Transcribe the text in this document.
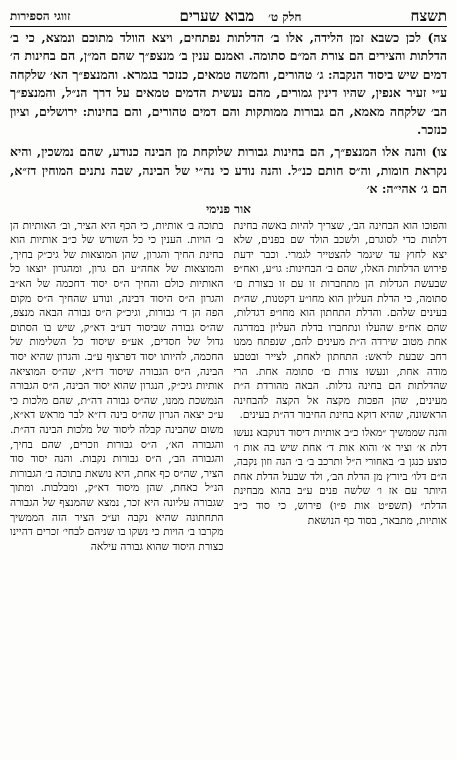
תשצח
חלק ט׳
מבוא שערים
זווגי הספירות

צה) לכן כשבא זמן הלידה, אלו ב׳ הדלתות נפתחים, ויצא הוולד מתוכם ונמצא, כי ב׳ הדלתות והצירים הם צורת המ״ם סתומה. ואמנם ענין ב׳ מנצפ״ך שהם המ״ן, הם בחינות ה׳ דמים שיש ביסוד הנקבה: ג׳ טהורים, וחמשה טמאים, כנזכר בגמרא. והמנצפ״ך הא׳ שלקחה ע״י זעיר אנפין, שהיו דינין גמורים, מהם נעשית הדמים טמאים על דרך הנ״ל, והמנצפ״ך הב׳ שלקחה מאמא, הם גבורות ממותקות והם דמים טהורים, והם בחינות: ירושלים, וציון כנזכר.

צו) והנה אלו המנצפ״ך, הם בחינות גבורות שלוקחת מן הבינה כנודע, שהם נמשכין, והיא נקראת חומות, וה״ס חותם כנ״ל. והנה נודע כי נה״י של הבינה, שבה נתנים המוחין דז״א, הם ג׳ אהי״ה: א׳

אור פנימי

והפוכו הוא הבחינה הב׳, שצריך להיות באשה בחינת דלתות כדי לסוגרם, ולשכב הולד שם בפנים, שלא יצא לחוץ עד שיגמר להצטייר לגמרי. וכבר ידעת פירוש הדלתות האלו, שהם ב׳ הבחינות: גו״ע, ואח״פ שבעשת הגדלות הן מתחברות זו עם זו בצורת ם׳ סתומה, כי הדלת העליון הוא מחו״ע דקטנות, שה״ת בעינים שלהם. והדלת התחתון הוא מחו״פ דגדלות, שהם אח״פ שהעלו ונתחברו בדלת העליון במדרגה אחת מטוב שירדה ה״ת מעינים להם, שנפתח ממנו רחב שבעת לראש: התחתון לאחת, לצייר ובטבע מודה אחת, ונעשו צורת ם׳ סתומה אחת. הרי שהדלתות הם בחינה גדלות. הבאה מהורדת ה״ת מעינים, שהן הפכות מקצה אל הקצה להבחינה הראשונה, שהיא דוקא בחינת החיבור דה״ת בעינים.

והנה שממשיך ״מאלו כ״ב אותיות דיסוד דנוקבא נעשו דלת א׳ וציר א׳ והוא אות ד׳ אחת שיש בה אות ו׳ כוצע כנגן ב׳ באחורי ה״ל ותרכב ב׳ ב׳ הנה וזון נקבה, ה״ם דלו׳ ביורץ מן הדלת הב׳, ולד שבעל הדלת אחת היותר עם אז ו׳ שלשה פנים ע״ב בהוא מבחינת הדלת״ (תשפ״ט אות פ״ו) פירוש, כי סוד כ״ב אותיות, מתבאר, בסוד כף הנושאת

בתוכה ב׳ אותיות, כי הכף היא הציר, וב׳ האותיות הן ב׳ הויות. הענין כי כל השורש של כ״ב אותיות הוא בחינת החיך והגרון, שהן המוצאות של גיכ״ק בחיך, והמוצאות של אחה״ע הם גרון, ומהגרון יוצאו כל האותיות כולם והחיך ה״ס יסוד דחכמה של הא״ב והגרון ה״ס היסוד דבינה, ונודע שהחיך ה״ס מקום הפה הן ד׳ גבורות, וגיכ״ק ה״ס גבורה הבאה מנצפ, שה״ס גבורה שביסוד דע״ב דא״ק, שיש בו הסתום גדול של חסדים, אע״פ שיסוד כל השלימות של החכמה, להיותו יסוד דפרצוף ע״ב. והגרון שהיא יסוד הבינה, ה״ס הגבורה שיסוד דז״א, שה״ס המוציאה אותיות גיכ״ק, הנגרון שהוא יסוד הבינה, ה״ס הגבורה הנמשכת ממנו, שה״ס גבורה דה״ת, שהם מלכות כי ע״כ יצאה הגרון שה״ס בינה דז״א לבר מראש דא״א, משום שהבינה קבלה ליסוד של מלכות הבינה דה״ת. והגבורה הא׳, ה״ס גבורות וזכרים, שהם בחיך, והגבורה הב׳, ה״ס גבורות נקבות. והנה יסוד סוד הציר, שה״ס כף אחת, היא נושאת בתוכה ב׳ הגבורות הנ״ל כאחת, שהן מיסוד דא״ק, ומבלבות. ומתוך שגבורה עליונה היא זכר, נמצא שהמנצף של הגבורה התחתונה שהיא נקבה וע״כ הציר הזה הממשיך מקרבו ב׳ הויות כי נשקו בו שניהם לבחי׳ זכרים דהיינו כצורת היסוד שהוא גבורה עילאה
